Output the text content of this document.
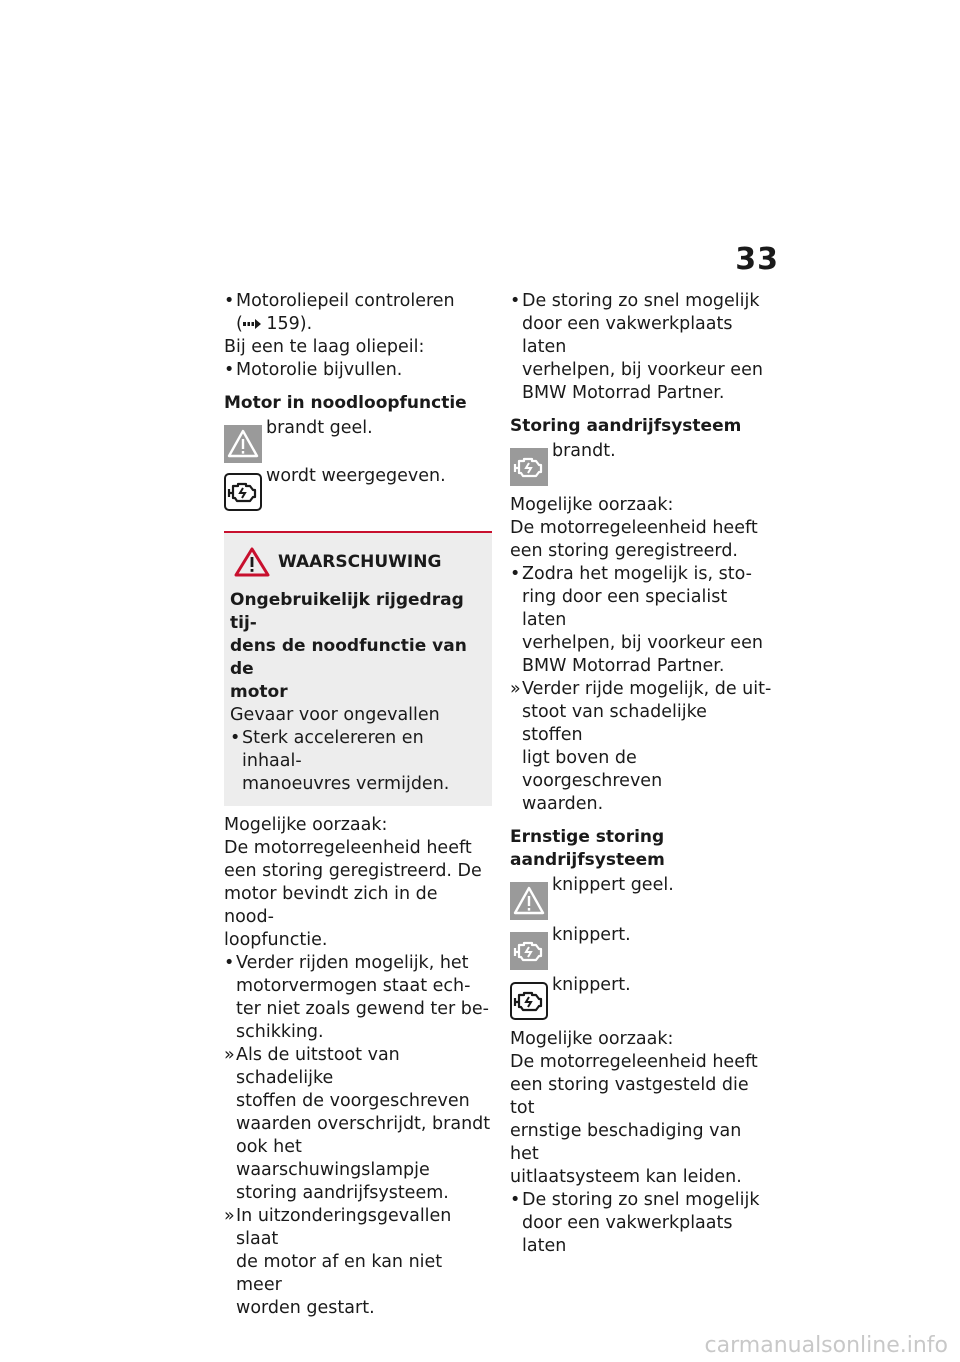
33
• Motoroliepeil controleren
( 159).

Bij een te laag oliepeil:

• Motorolie bijvullen.

Motor in noodloopfunctie

brandt geel.
wordt weergegeven.
WAARSCHUWING

Ongebruikelijk rijgedrag tij-

dens de noodfunctie van de

motor

Gevaar voor ongevallen

• Sterk accelereren en inhaal-
manoeuvres vermijden.

Mogelijke oorzaak:

De motorregeleenheid heeft

een storing geregistreerd. De

motor bevindt zich in de nood-

loopfunctie.

• Verder rijden mogelijk, het
motorvermogen staat ech-
ter niet zoals gewend ter be-
schikking.
» Als de uitstoot van schadelijke
stoffen de voorgeschreven
waarden overschrijdt, brandt
ook het waarschuwingslampje
storing aandrijfsysteem.
» In uitzonderingsgevallen slaat
de motor af en kan niet meer
worden gestart.
• De storing zo snel mogelijk
door een vakwerkplaats laten
verhelpen, bij voorkeur een
BMW Motorrad Partner.

Storing aandrijfsysteem

brandt.

Mogelijke oorzaak:

De motorregeleenheid heeft

een storing geregistreerd.

• Zodra het mogelijk is, sto-
ring door een specialist laten
verhelpen, bij voorkeur een
BMW Motorrad Partner.
» Verder rijde mogelijk, de uit-
stoot van schadelijke stoffen
ligt boven de voorgeschreven
waarden.

Ernstige storing
aandrijfsysteem

knippert geel.
knippert.
knippert.

Mogelijke oorzaak:

De motorregeleenheid heeft

een storing vastgesteld die tot

ernstige beschadiging van het

uitlaatsysteem kan leiden.

• De storing zo snel mogelijk
door een vakwerkplaats laten
carmanualsonline.info
